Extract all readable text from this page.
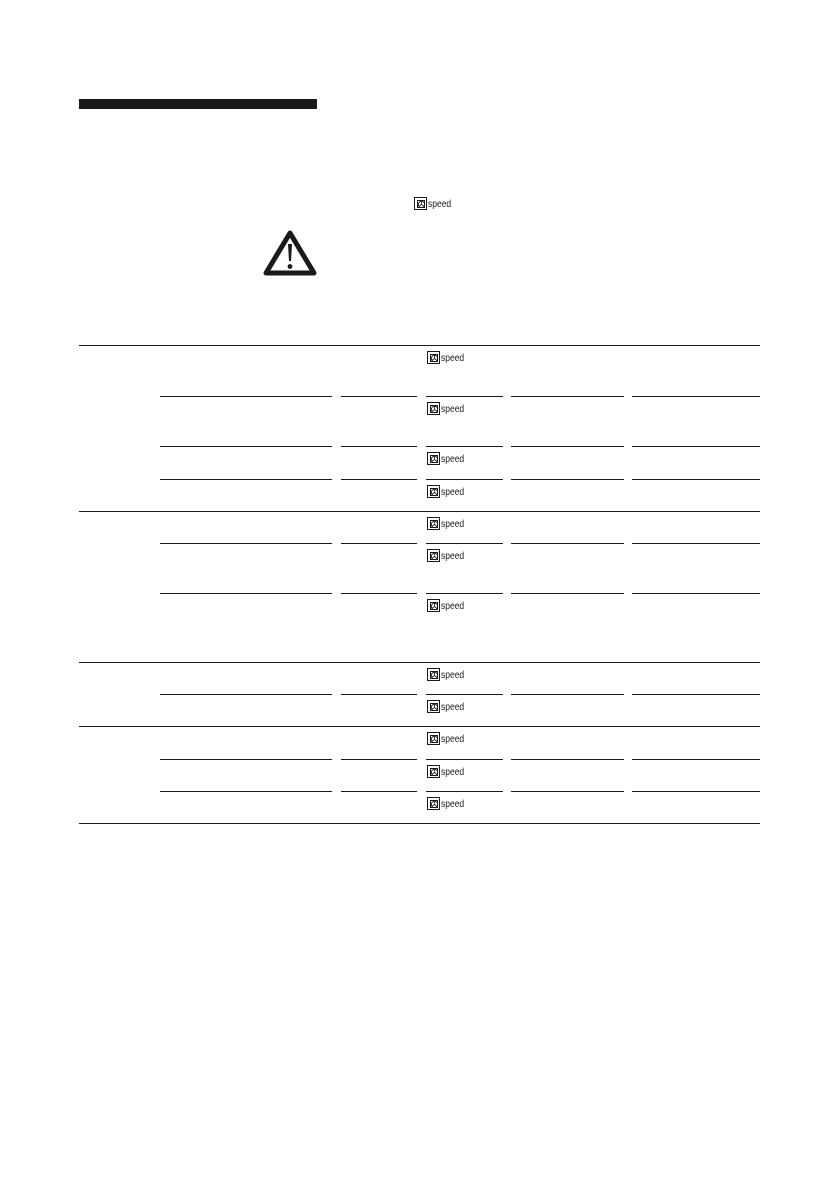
speed
speed
speed
speed
speed
speed
speed
speed
speed
speed
speed
speed
speed
